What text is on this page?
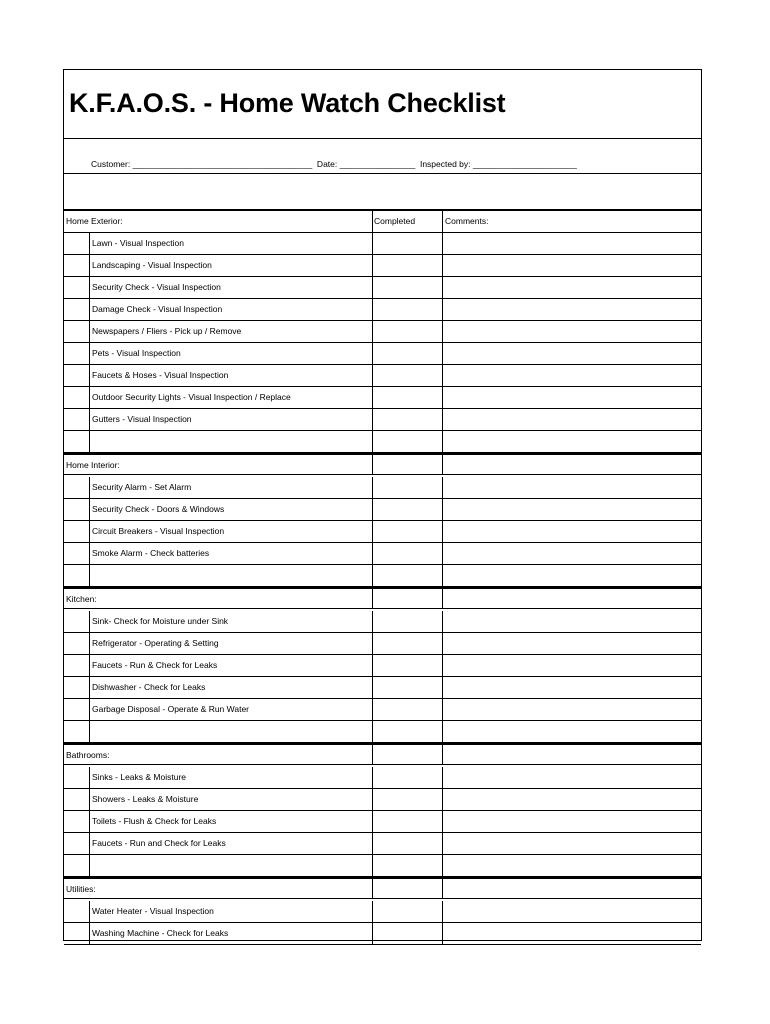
K.F.A.O.S. - Home Watch Checklist
Customer: ______________________________________  Date: ________________  Inspected by: ______________________
Home Exterior:	Completed	Comments:
Lawn - Visual Inspection
Landscaping - Visual Inspection
Security Check - Visual Inspection
Damage Check - Visual Inspection
Newspapers / Fliers - Pick up / Remove
Pets - Visual Inspection
Faucets & Hoses - Visual Inspection
Outdoor Security Lights - Visual Inspection / Replace
Gutters - Visual Inspection
Home Interior:
Security Alarm - Set Alarm
Security Check - Doors & Windows
Circuit Breakers - Visual Inspection
Smoke Alarm - Check batteries
Kitchen:
Sink- Check for Moisture under Sink
Refrigerator - Operating & Setting
Faucets - Run & Check for Leaks
Dishwasher - Check for Leaks
Garbage Disposal - Operate & Run Water
Bathrooms:
Sinks - Leaks & Moisture
Showers - Leaks & Moisture
Toilets - Flush & Check for Leaks
Faucets - Run and Check for Leaks
Utilities:
Water Heater - Visual Inspection
Washing Machine - Check for Leaks
